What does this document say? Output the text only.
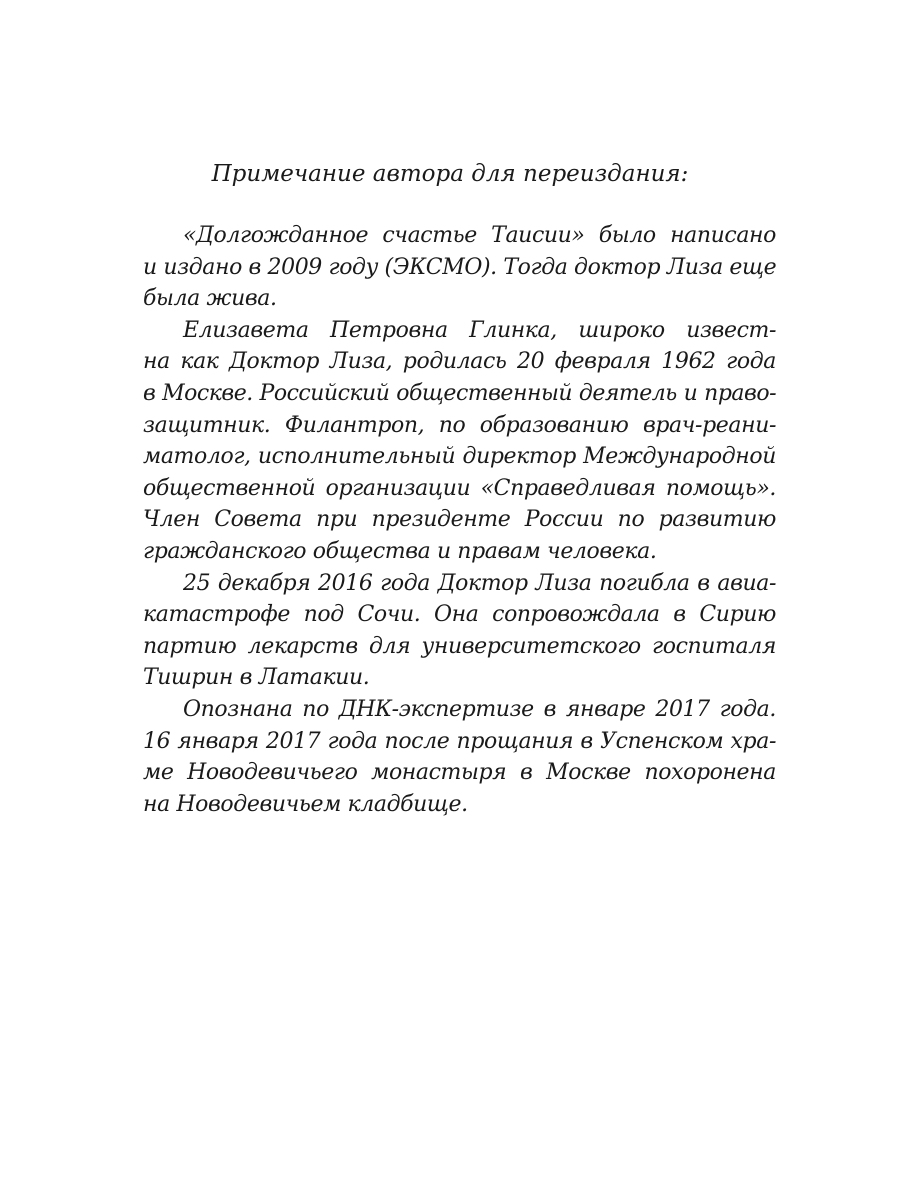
Примечание автора для переиздания:
«Долгожданное счастье Таисии» было написано
и издано в 2009 году (ЭКСМО). Тогда доктор Лиза еще
была жива.
Елизавета Петровна Глинка, широко извест-
на как Доктор Лиза, родилась 20 февраля 1962 года
в Москве. Российский общественный деятель и право-
защитник. Филантроп, по образованию врач-реани-
матолог, исполнительный директор Международной
общественной организации «Справедливая помощь».
Член Совета при президенте России по развитию
гражданского общества и правам человека.
25 декабря 2016 года Доктор Лиза погибла в авиа-
катастрофе под Сочи. Она сопровождала в Сирию
партию лекарств для университетского госпиталя
Тишрин в Латакии.
Опознана по ДНК-экспертизе в январе 2017 года.
16 января 2017 года после прощания в Успенском хра-
ме Новодевичьего монастыря в Москве похоронена
на Новодевичьем кладбище.
